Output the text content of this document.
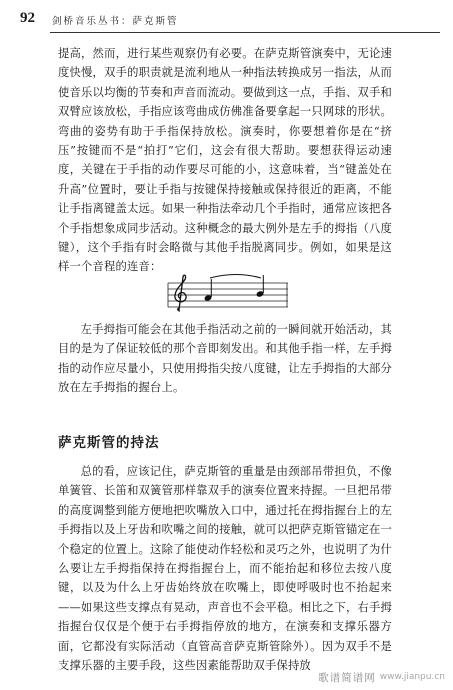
92 剑桥音乐丛书：萨克斯管

提高，然而，进行某些观察仍有必要。在萨克斯管演奏中，无论速度快慢，双手的职责就是流利地从一种指法转换成另一指法，从而使音乐以均衡的节奏和声音而流动。要做到这一点，手指、双手和双臂应该放松，手指应该弯曲成仿佛准备要拿起一只网球的形状。弯曲的姿势有助于手指保持放松。演奏时，你要想着你是在“挤压”按键而不是“拍打”它们，这会有很大帮助。要想获得运动速度，关键在于手指的动作要尽可能的小，这意味着，当“键盖处在升高”位置时，要让手指与按键保持接触或保持很近的距离，不能让手指离键盖太远。如果一种指法牵动几个手指时，通常应该把各个手指想象成同步活动。这种概念的最大例外是左手的拇指（八度键），这个手指有时会略微与其他手指脱离同步。例如，如果是这样一个音程的连音：

左手拇指可能会在其他手指活动之前的一瞬间就开始活动，其目的是为了保证较低的那个音即刻发出。和其他手指一样，左手拇指的动作应尽量小，只使用拇指尖按八度键，让左手拇指的大部分放在左手拇指的握台上。

萨克斯管的持法

总的看，应该记住，萨克斯管的重量是由颈部吊带担负，不像单簧管、长笛和双簧管那样靠双手的演奏位置来持握。一旦把吊带的高度调整到能方便地把吹嘴放入口中，通过托在拇指握台上的左手拇指以及上牙齿和吹嘴之间的接触，就可以把萨克斯管锚定在一个稳定的位置上。这除了能使动作轻松和灵巧之外，也说明了为什么要让左手拇指保持在拇指握台上，而不能抬起和移位去按八度键，以及为什么上牙齿始终放在吹嘴上，即使呼吸时也不抬起来——如果这些支撑点有晃动，声音也不会平稳。相比之下，右手拇指握台仅仅是个便于右手拇指停放的地方，在演奏和支撑乐器方面，它都没有实际活动（直管高音萨克斯管除外）。因为双手不是支撑乐器的主要手段，这些因素能帮助双手保持放

歌谱简谱网 www.jianpu.cn
